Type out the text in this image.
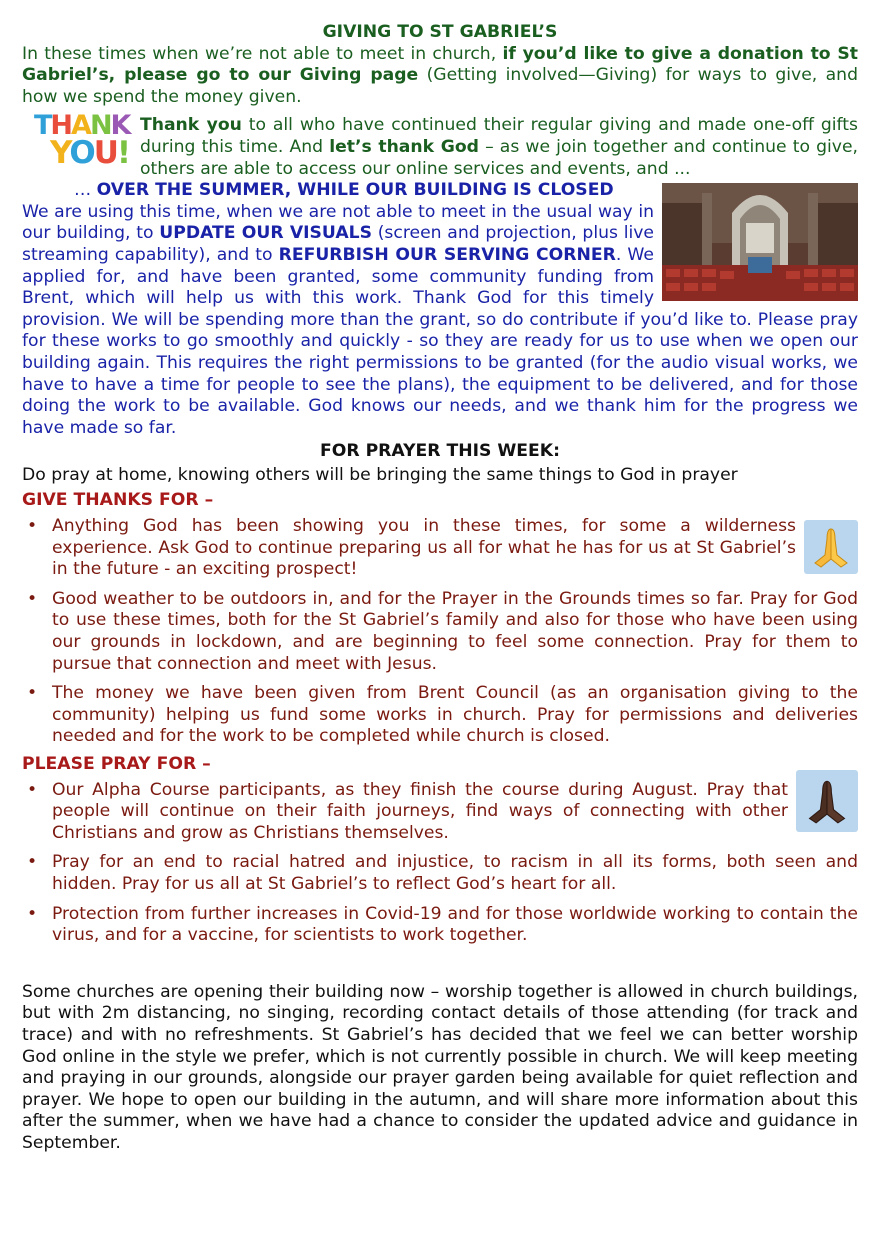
GIVING TO ST GABRIEL’S

In these times when we’re not able to meet in church, if you’d like to give a donation to St Gabriel’s, please go to our Giving page (Getting involved—Giving) for ways to give, and how we spend the money given.

THANK
YOU!

Thank you to all who have continued their regular giving and made one-off gifts during this time. And let’s thank God – as we join together and continue to give, others are able to access our online services and events, and ...

… OVER THE SUMMER, WHILE OUR BUILDING IS CLOSED

We are using this time, when we are not able to meet in the usual way in our building, to UPDATE OUR VISUALS (screen and projection, plus live streaming capability), and to REFURBISH OUR SERVING CORNER. We applied for, and have been granted, some community funding from Brent, which will help us with this work. Thank God for this timely provision. We will be spending more than the grant, so do contribute if you’d like to. Please pray for these works to go smoothly and quickly - so they are ready for us to use when we open our building again. This requires the right permissions to be granted (for the audio visual works, we have to have a time for people to see the plans), the equipment to be delivered, and for those doing the work to be available. God knows our needs, and we thank him for the progress we have made so far.

FOR PRAYER THIS WEEK:

Do pray at home, knowing others will be bringing the same things to God in prayer

GIVE THANKS FOR –

• Anything God has been showing you in these times, for some a wilderness experience. Ask God to continue preparing us all for what he has for us at St Gabriel’s in the future - an exciting prospect!
• Good weather to be outdoors in, and for the Prayer in the Grounds times so far. Pray for God to use these times, both for the St Gabriel’s family and also for those who have been using our grounds in lockdown, and are beginning to feel some connection. Pray for them to pursue that connection and meet with Jesus.
• The money we have been given from Brent Council (as an organisation giving to the community) helping us fund some works in church. Pray for permissions and deliveries needed and for the work to be completed while church is closed.

PLEASE PRAY FOR –

• Our Alpha Course participants, as they finish the course during August. Pray that people will continue on their faith journeys, find ways of connecting with other Christians and grow as Christians themselves.
• Pray for an end to racial hatred and injustice, to racism in all its forms, both seen and hidden. Pray for us all at St Gabriel’s to reflect God’s heart for all.
• Protection from further increases in Covid-19 and for those worldwide working to contain the virus, and for a vaccine, for scientists to work together.

Some churches are opening their building now – worship together is allowed in church buildings, but with 2m distancing, no singing, recording contact details of those attending (for track and trace) and with no refreshments. St Gabriel’s has decided that we feel we can better worship God online in the style we prefer, which is not currently possible in church. We will keep meeting and praying in our grounds, alongside our prayer garden being available for quiet reflection and prayer. We hope to open our building in the autumn, and will share more information about this after the summer, when we have had a chance to consider the updated advice and guidance in September.
